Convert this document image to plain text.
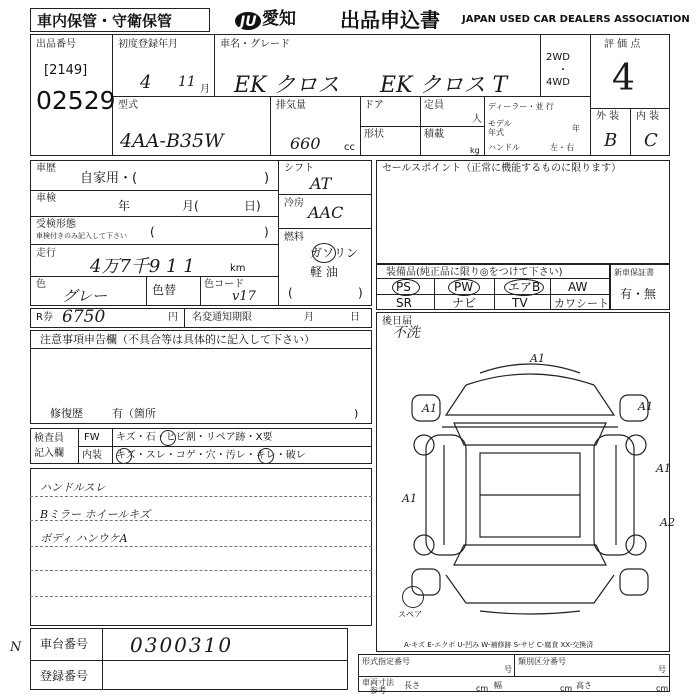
車内保管・守衛保管	JU 愛知 出品申込書 JAPAN USED CAR DEALERS ASSOCIATION
出品番号
[2149]
02529
初度登録年月
4 11 月
車名・グレード
EK クロス EK クロス T
2WD
・
4WD
評 価 点
4
外 装 内 装
B C
型式
4AA-B35W
排気量
660 cc
ドア	定員
人
形状	積載
kg
ディーラー・並 行
モデル
年式	年
ハンドル	左・右
車歴
自家用・(	)
車検
年	月(	日)
受検形態
車検付きのみ記入して下さい (	)
走行
4万7千9 1 1	km
色
グレー	色替	色コード
v17
シフト
AT
冷房 AAC
燃料
ガソリン
軽 油
(	)
セールスポイント（正常に機能するものに限ります）
装備品(純正品に限り◎をつけて下さい)
PS	PW	エアB AW
SR	ナビ	TV カワシート
新車保証書
有・無
R券 6750	円 名変通知期限	月	日
注意事項申告欄（不具合等は具体的に記入して下さい）
修復歴	有（箇所	)
検査員
記入欄
FW キズ・石・ヒビ割・リペア跡・X要
内装 キズ・スレ・コゲ・穴・汚レ・キレ・破レ
ハンドルスレ
Bミラー ホイールキズ
ボディ ハンウケA
後日届
不洗
A1
A1
A1
A1
A1
A2
スペア
A-キズ E-エクボ U-凹み W-補修跡 S-サビ C-腐食 XX-交換済
N 車台番号 0300310
登録番号
形式指定番号
号
類別区分番号
号
車両寸法
参考
長さ	cm 幅	cm 高さ	cm
